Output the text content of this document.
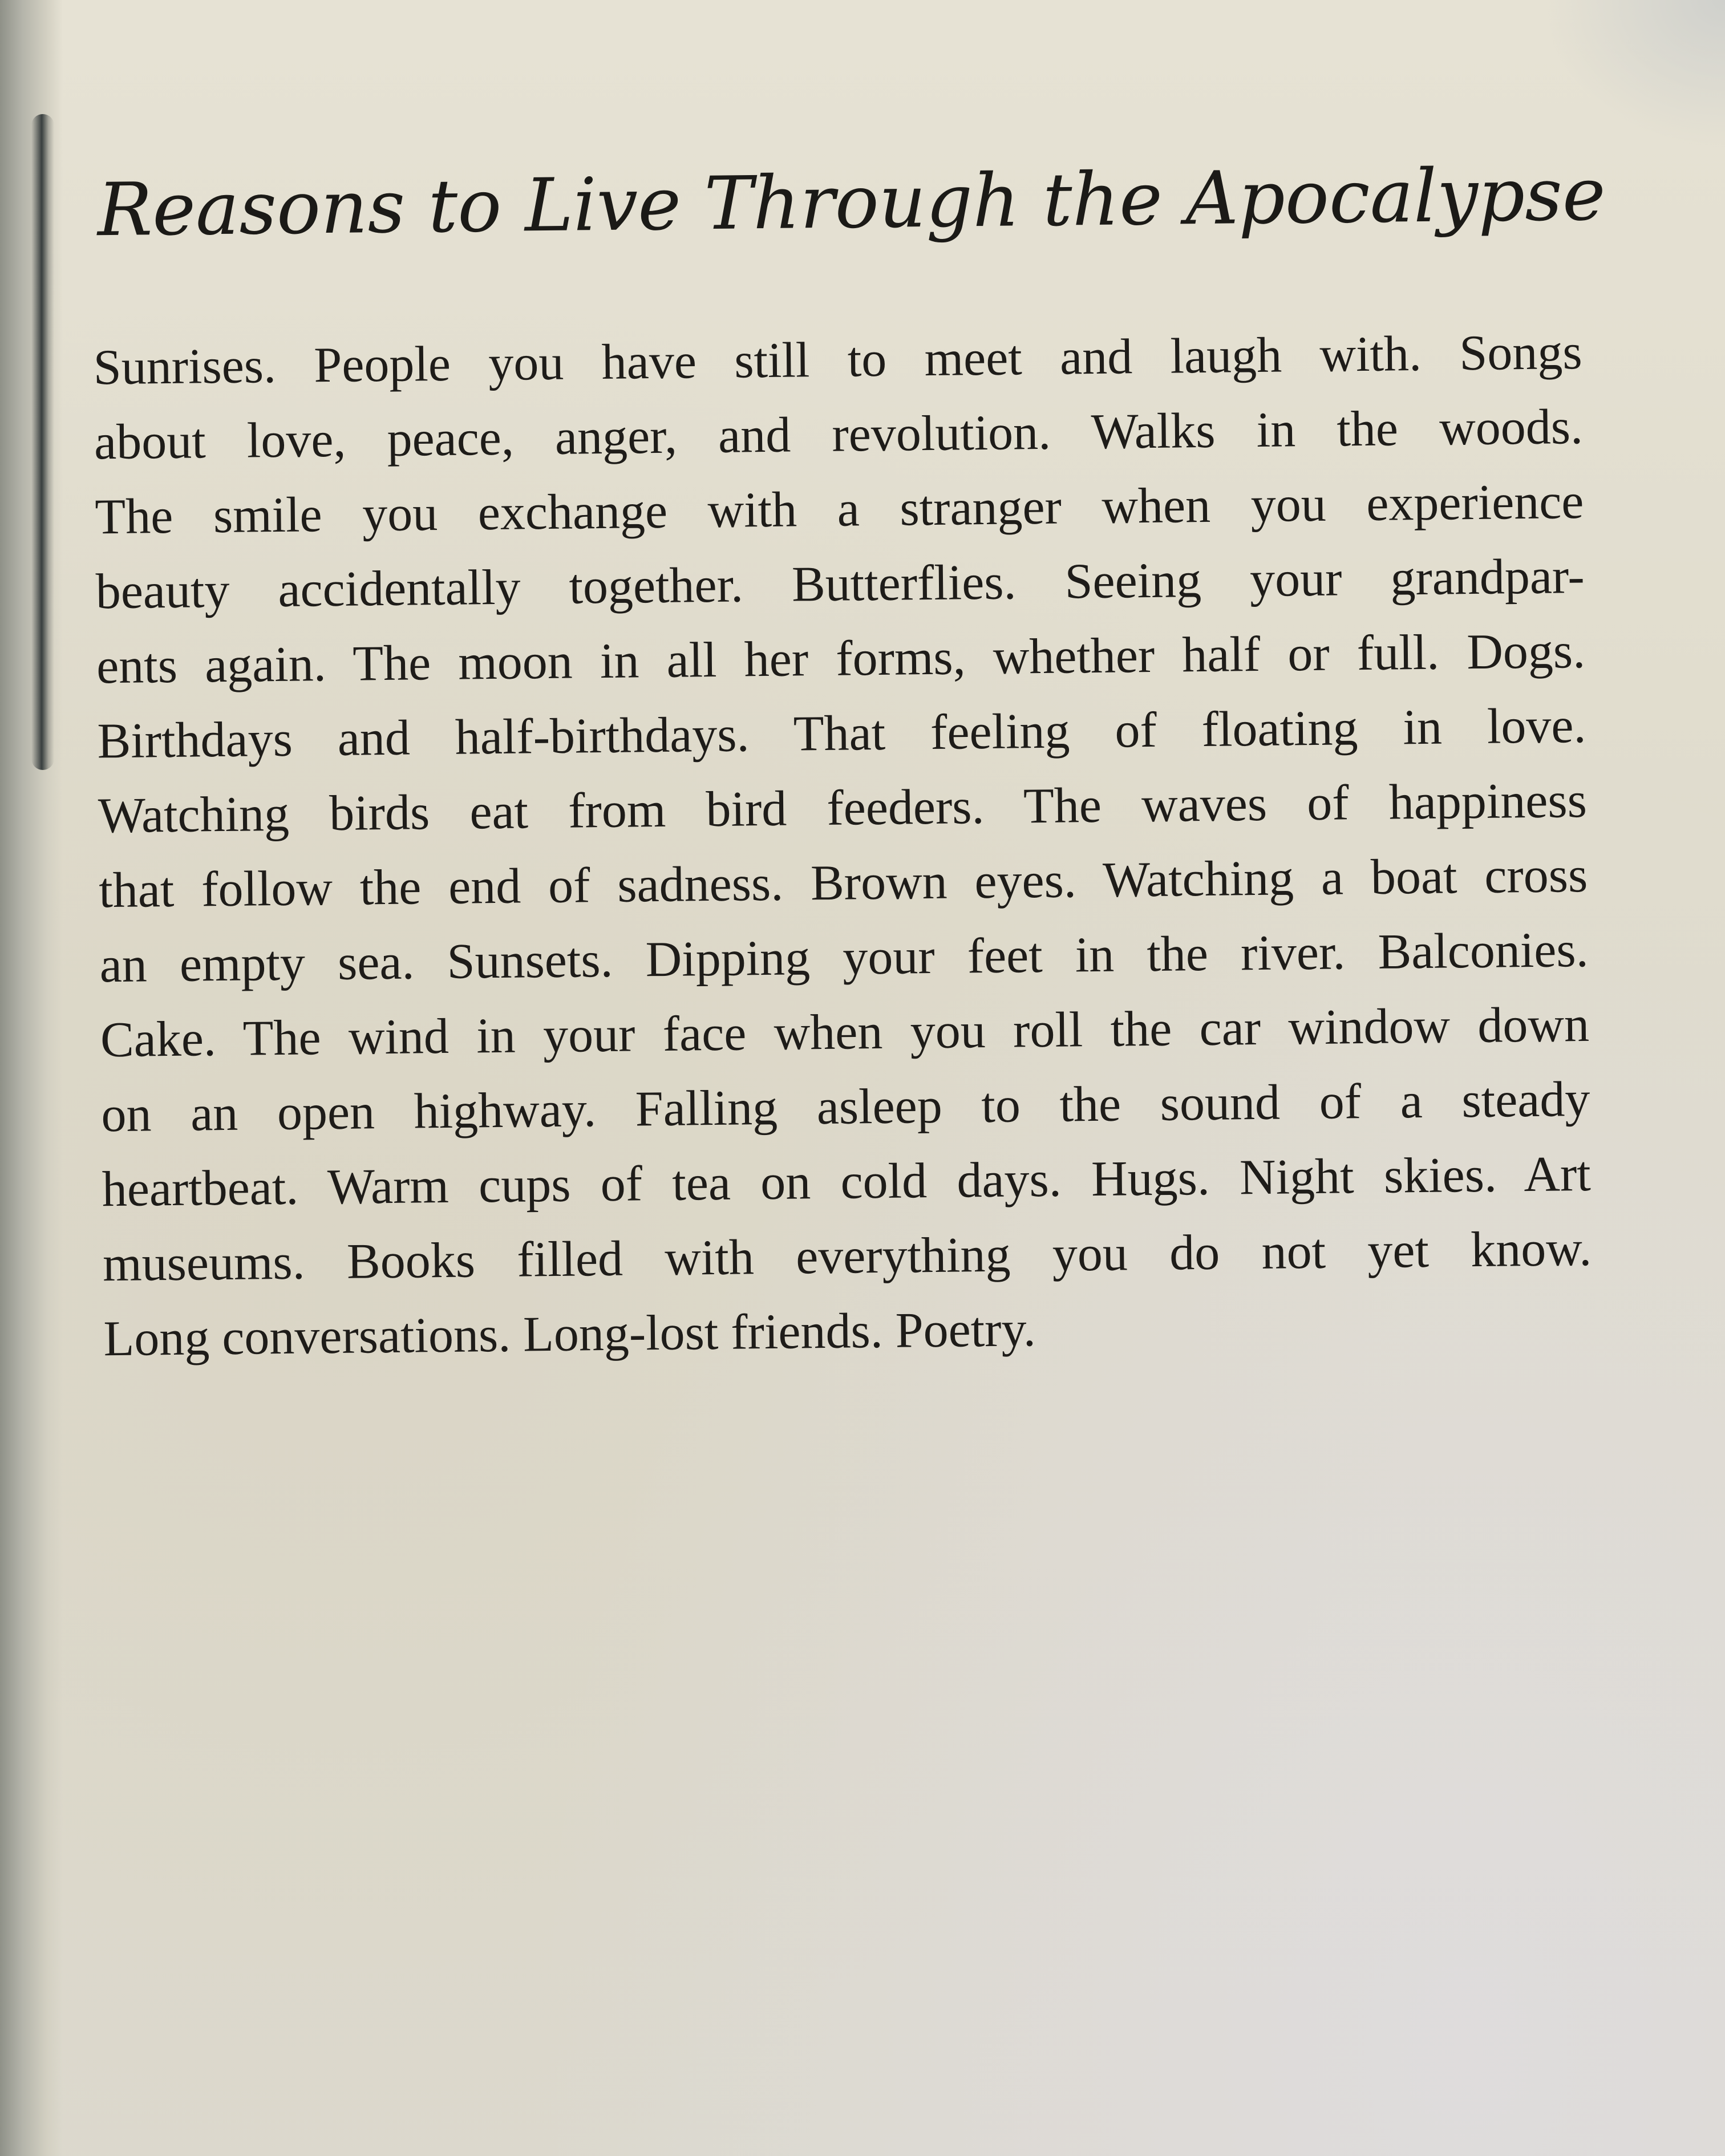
Reasons to Live Through the Apocalypse
Sunrises. People you have still to meet and laugh with. Songs
about love, peace, anger, and revolution. Walks in the woods.
The smile you exchange with a stranger when you experience
beauty accidentally together. Butterflies. Seeing your grandpar-
ents again. The moon in all her forms, whether half or full. Dogs.
Birthdays and half-birthdays. That feeling of floating in love.
Watching birds eat from bird feeders. The waves of happiness
that follow the end of sadness. Brown eyes. Watching a boat cross
an empty sea. Sunsets. Dipping your feet in the river. Balconies.
Cake. The wind in your face when you roll the car window down
on an open highway. Falling asleep to the sound of a steady
heartbeat. Warm cups of tea on cold days. Hugs. Night skies. Art
museums. Books filled with everything you do not yet know.
Long conversations. Long-lost friends. Poetry.
